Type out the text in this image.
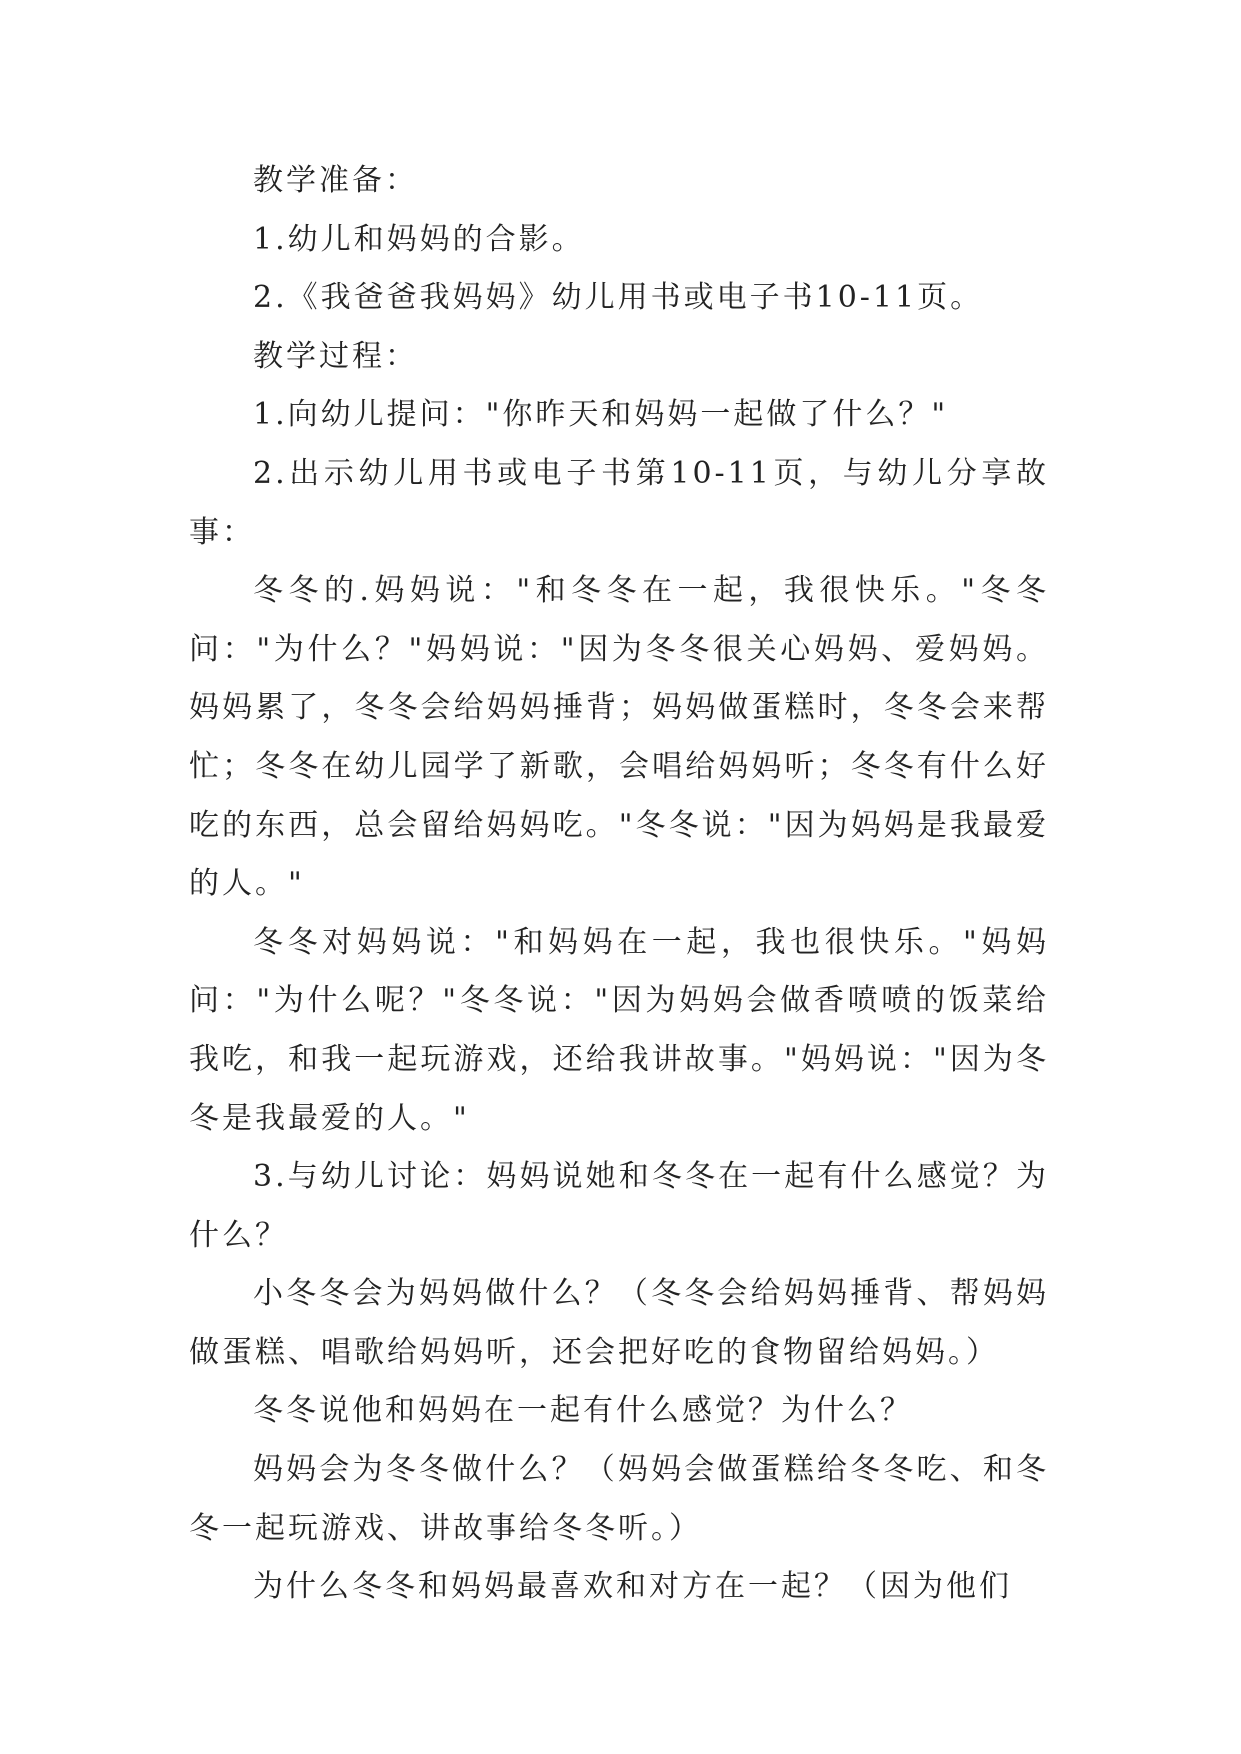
教学准备：

1.幼儿和妈妈的合影。

2.《我爸爸我妈妈》幼儿用书或电子书10-11页。

教学过程：

1.向幼儿提问："你昨天和妈妈一起做了什么？"

2.出示幼儿用书或电子书第10-11页，与幼儿分享故事：

冬冬的.妈妈说："和冬冬在一起，我很快乐。"冬冬问："为什么？"妈妈说："因为冬冬很关心妈妈、爱妈妈。妈妈累了，冬冬会给妈妈捶背；妈妈做蛋糕时，冬冬会来帮忙；冬冬在幼儿园学了新歌，会唱给妈妈听；冬冬有什么好吃的东西，总会留给妈妈吃。"冬冬说："因为妈妈是我最爱的人。"

冬冬对妈妈说："和妈妈在一起，我也很快乐。"妈妈问："为什么呢？"冬冬说："因为妈妈会做香喷喷的饭菜给我吃，和我一起玩游戏，还给我讲故事。"妈妈说："因为冬冬是我最爱的人。"

3.与幼儿讨论：妈妈说她和冬冬在一起有什么感觉？为什么？

小冬冬会为妈妈做什么？（冬冬会给妈妈捶背、帮妈妈做蛋糕、唱歌给妈妈听，还会把好吃的食物留给妈妈。）

冬冬说他和妈妈在一起有什么感觉？为什么？

妈妈会为冬冬做什么？（妈妈会做蛋糕给冬冬吃、和冬冬一起玩游戏、讲故事给冬冬听。）

为什么冬冬和妈妈最喜欢和对方在一起？（因为他们
